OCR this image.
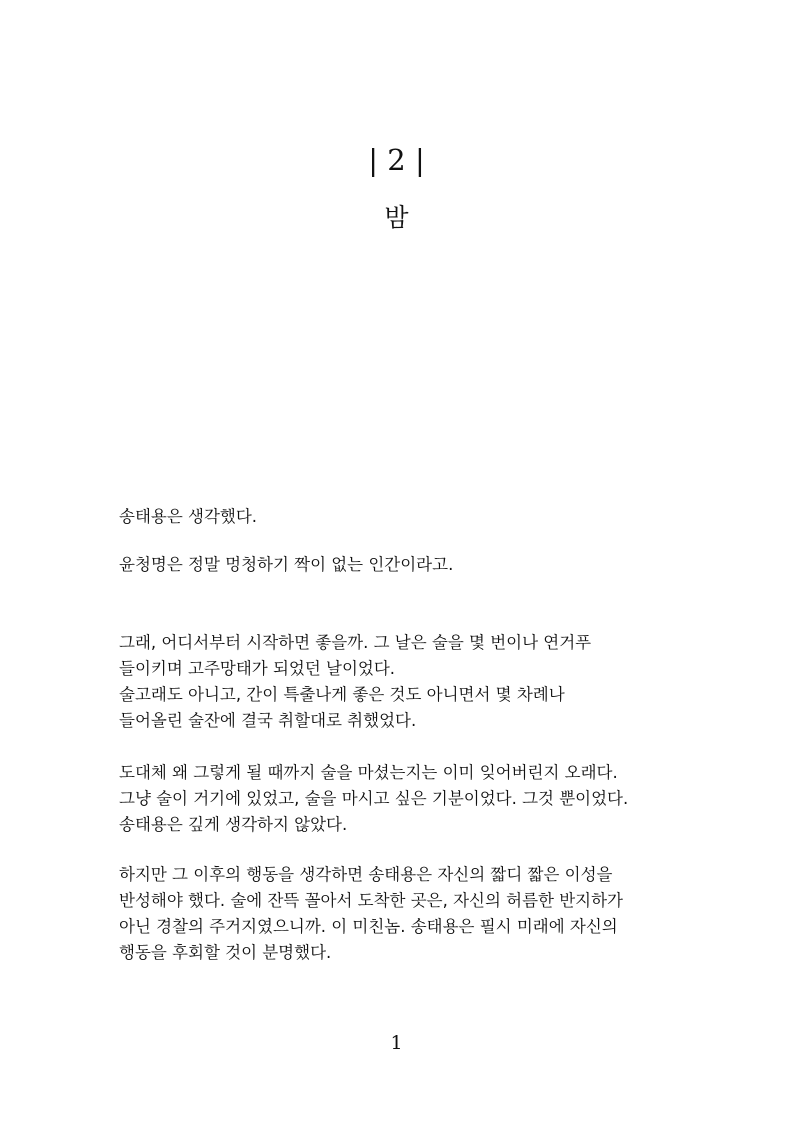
| 2 |
밤
송태용은 생각했다.
윤청명은 정말 멍청하기 짝이 없는 인간이라고.
그래, 어디서부터 시작하면 좋을까. 그 날은 술을 몇 번이나 연거푸
들이키며 고주망태가 되었던 날이었다.
술고래도 아니고, 간이 특출나게 좋은 것도 아니면서 몇 차례나
들어올린 술잔에 결국 취할대로 취했었다.
도대체 왜 그렇게 될 때까지 술을 마셨는지는 이미 잊어버린지 오래다.
그냥 술이 거기에 있었고, 술을 마시고 싶은 기분이었다. 그것 뿐이었다.
송태용은 깊게 생각하지 않았다.
하지만 그 이후의 행동을 생각하면 송태용은 자신의 짧디 짧은 이성을
반성해야 했다. 술에 잔뜩 꼴아서 도착한 곳은, 자신의 허름한 반지하가
아닌 경찰의 주거지였으니까. 이 미친놈. 송태용은 필시 미래에 자신의
행동을 후회할 것이 분명했다.
1
